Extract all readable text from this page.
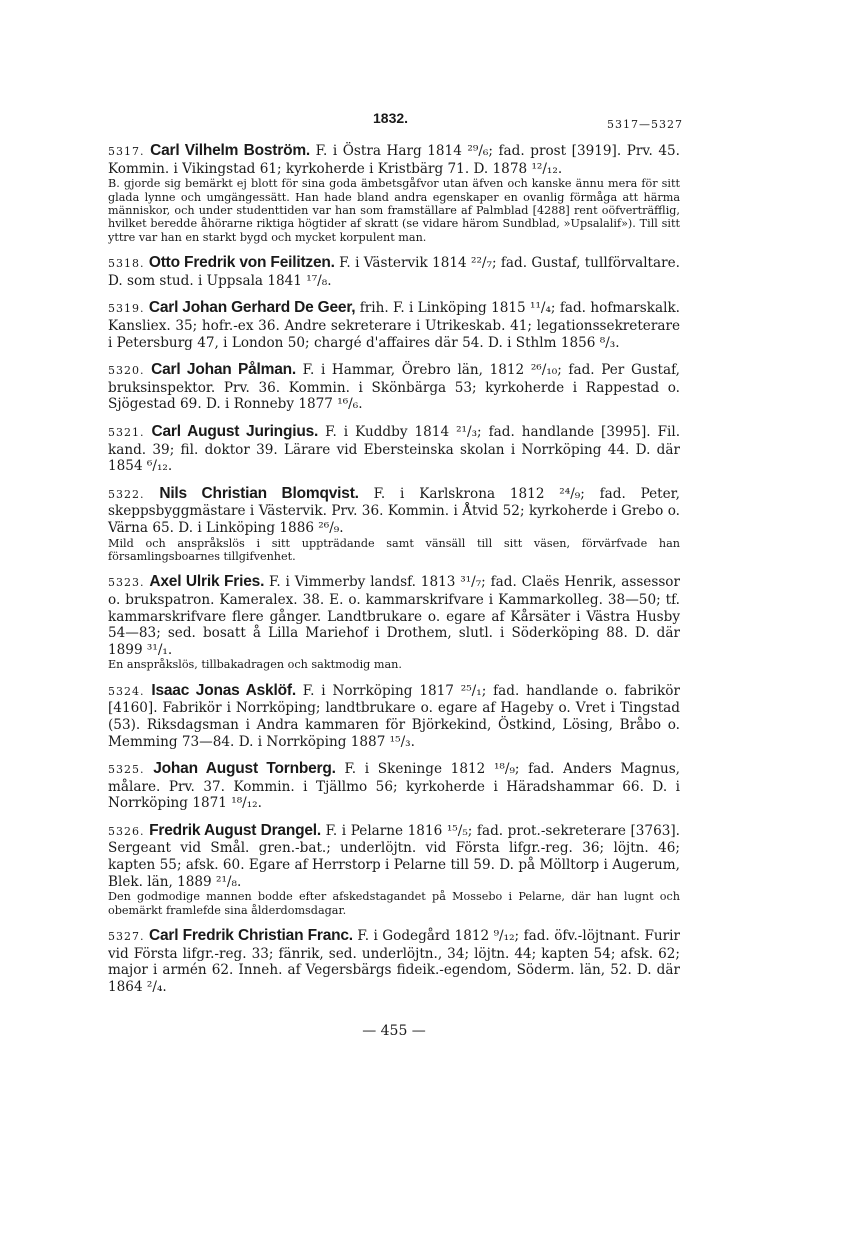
1832.	5317—5327
5317. Carl Vilhelm Boström. F. i Östra Harg 1814 ²⁹/₆; fad. prost [3919]. Prv. 45. Kommin. i Vikingstad 61; kyrkoherde i Kristbärg 71. D. 1878 ¹²/₁₂.
B. gjorde sig bemärkt ej blott för sina goda ämbetsgåfvor utan äfven och kanske ännu mera för sitt glada lynne och umgängessätt. Han hade bland andra egenskaper en ovanlig förmåga att härma människor, och under studenttiden var han som framställare af Palmblad [4288] rent oöfverträfflig, hvilket beredde åhörarne riktiga högtider af skratt (se vidare härom Sundblad, »Upsalalif»). Till sitt yttre var han en starkt bygd och mycket korpulent man.
5318. Otto Fredrik von Feilitzen. F. i Västervik 1814 ²²/₇; fad. Gustaf, tullförvaltare. D. som stud. i Uppsala 1841 ¹⁷/₈.
5319. Carl Johan Gerhard De Geer, frih. F. i Linköping 1815 ¹¹/₄; fad. hofmarskalk. Kansliex. 35; hofr.-ex 36. Andre sekreterare i Utrikeskab. 41; legationssekreterare i Petersburg 47, i London 50; chargé d'affaires där 54. D. i Sthlm 1856 ⁸/₃.
5320. Carl Johan Pålman. F. i Hammar, Örebro län, 1812 ²⁶/₁₀; fad. Per Gustaf, bruksinspektor. Prv. 36. Kommin. i Skönbärga 53; kyrkoherde i Rappestad o. Sjögestad 69. D. i Ronneby 1877 ¹⁶/₆.
5321. Carl August Juringius. F. i Kuddby 1814 ²¹/₃; fad. handlande [3995]. Fil. kand. 39; fil. doktor 39. Lärare vid Ebersteinska skolan i Norrköping 44. D. där 1854 ⁶/₁₂.
5322. Nils Christian Blomqvist. F. i Karlskrona 1812 ²⁴/₉; fad. Peter, skeppsbyggmästare i Västervik. Prv. 36. Kommin. i Åtvid 52; kyrkoherde i Grebo o. Värna 65. D. i Linköping 1886 ²⁶/₉.
Mild och anspråkslös i sitt uppträdande samt vänsäll till sitt väsen, förvärfvade han församlingsboarnes tillgifvenhet.
5323. Axel Ulrik Fries. F. i Vimmerby landsf. 1813 ³¹/₇; fad. Claës Henrik, assessor o. brukspatron. Kameralex. 38. E. o. kammarskrifvare i Kammarkolleg. 38—50; tf. kammarskrifvare flere gånger. Landtbrukare o. egare af Kårsäter i Västra Husby 54—83; sed. bosatt å Lilla Mariehof i Drothem, slutl. i Söderköping 88. D. där 1899 ³¹/₁.
En anspråkslös, tillbakadragen och saktmodig man.
5324. Isaac Jonas Asklöf. F. i Norrköping 1817 ²⁵/₁; fad. handlande o. fabrikör [4160]. Fabrikör i Norrköping; landtbrukare o. egare af Hageby o. Vret i Tingstad (53). Riksdagsman i Andra kammaren för Björkekind, Östkind, Lösing, Bråbo o. Memming 73—84. D. i Norrköping 1887 ¹⁵/₃.
5325. Johan August Tornberg. F. i Skeninge 1812 ¹⁸/₉; fad. Anders Magnus, målare. Prv. 37. Kommin. i Tjällmo 56; kyrkoherde i Häradshammar 66. D. i Norrköping 1871 ¹⁸/₁₂.
5326. Fredrik August Drangel. F. i Pelarne 1816 ¹⁵/₅; fad. prot.-sekreterare [3763]. Sergeant vid Smål. gren.-bat.; underlöjtn. vid Första lifgr.-reg. 36; löjtn. 46; kapten 55; afsk. 60. Egare af Herrstorp i Pelarne till 59. D. på Mölltorp i Augerum, Blek. län, 1889 ²¹/₈.
Den godmodige mannen bodde efter afskedstagandet på Mossebo i Pelarne, där han lugnt och obemärkt framlefde sina ålderdomsdagar.
5327. Carl Fredrik Christian Franc. F. i Godegård 1812 ⁹/₁₂; fad. öfv.-löjtnant. Furir vid Första lifgr.-reg. 33; fänrik, sed. underlöjtn., 34; löjtn. 44; kapten 54; afsk. 62; major i armén 62. Inneh. af Vegersbärgs fideik.-egendom, Söderm. län, 52. D. där 1864 ²/₄.
— 455 —
